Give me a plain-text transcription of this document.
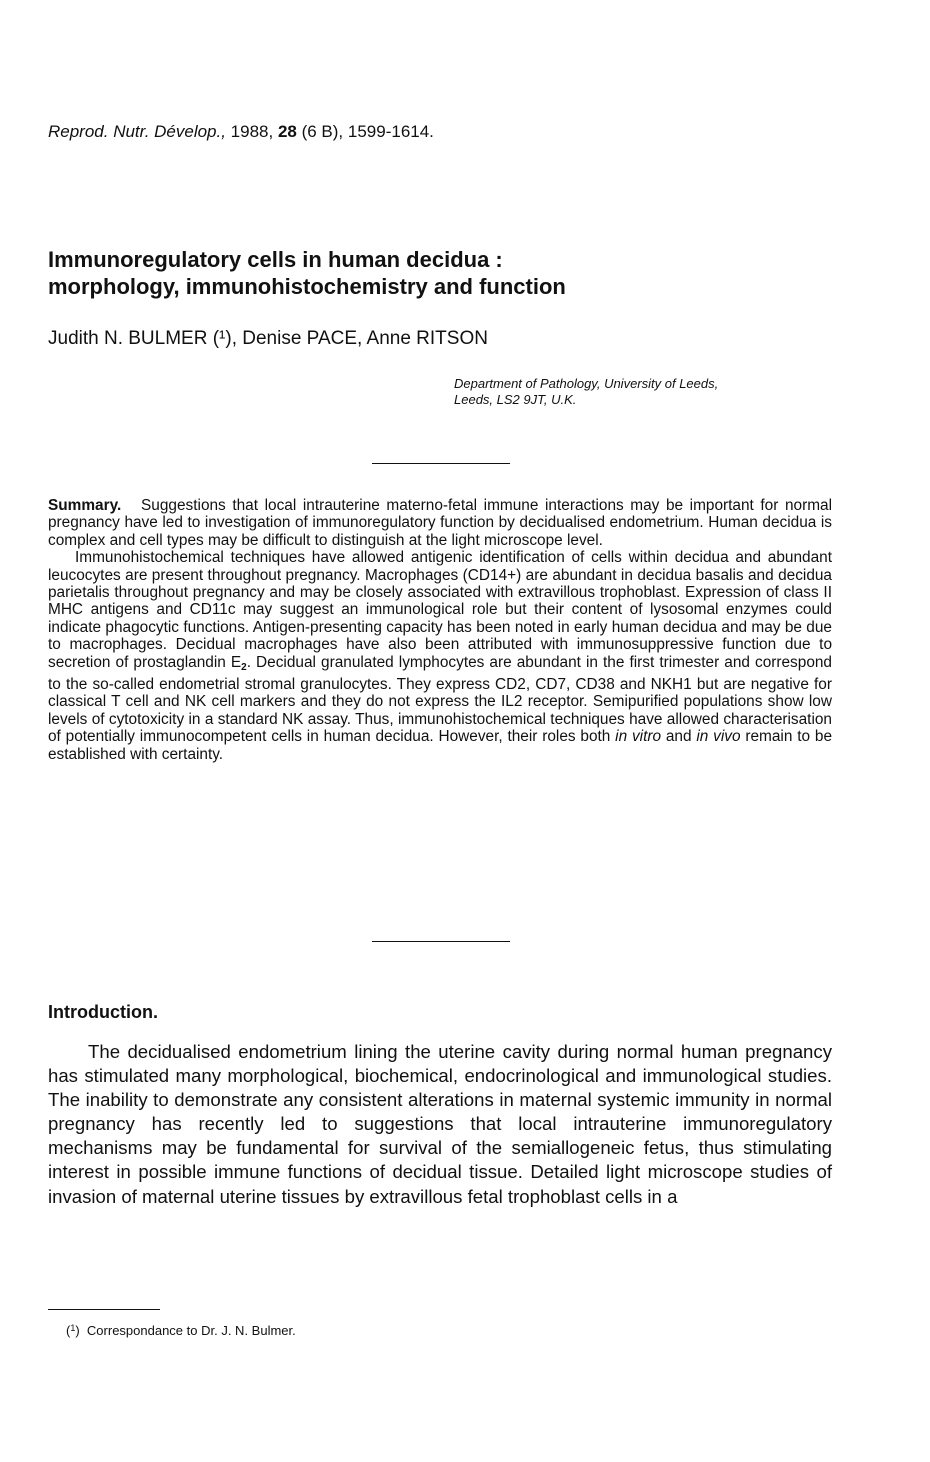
Reprod. Nutr. Dévelop., 1988, 28 (6 B), 1599-1614.
Immunoregulatory cells in human decidua :
morphology, immunohistochemistry and function
Judith N. BULMER (¹), Denise PACE, Anne RITSON
Department of Pathology, University of Leeds,
Leeds, LS2 9JT, U.K.

Summary. Suggestions that local intrauterine materno-fetal immune interactions may be important for normal pregnancy have led to investigation of immunoregulatory function by decidualised endometrium. Human decidua is complex and cell types may be difficult to distinguish at the light microscope level.

Immunohistochemical techniques have allowed antigenic identification of cells within decidua and abundant leucocytes are present throughout pregnancy. Macrophages (CD14+) are abundant in decidua basalis and decidua parietalis throughout pregnancy and may be closely associated with extravillous trophoblast. Expression of class II MHC antigens and CD11c may suggest an immunological role but their content of lysosomal enzymes could indicate phagocytic functions. Antigen-presenting capacity has been noted in early human decidua and may be due to macrophages. Decidual macrophages have also been attributed with immunosuppressive function due to secretion of prostaglandin $E_2$. Decidual granulated lymphocytes are abundant in the first trimester and correspond to the so-called endometrial stromal granulocytes. They express CD2, CD7, CD38 and NKH1 but are negative for classical T cell and NK cell markers and they do not express the IL2 receptor. Semipurified populations show low levels of cytotoxicity in a standard NK assay. Thus, immunohistochemical techniques have allowed characterisation of potentially immunocompetent cells in human decidua. However, their roles both in vitro and in vivo remain to be established with certainty.

Introduction.

The decidualised endometrium lining the uterine cavity during normal human pregnancy has stimulated many morphological, biochemical, endocrinological and immunological studies. The inability to demonstrate any consistent alterations in maternal systemic immunity in normal pregnancy has recently led to suggestions that local intrauterine immunoregulatory mechanisms may be fundamental for survival of the semiallogeneic fetus, thus stimulating interest in possible immune functions of decidual tissue. Detailed light microscope studies of invasion of maternal uterine tissues by extravillous fetal trophoblast cells in a

($^1$)  Correspondance to Dr. J. N. Bulmer.
